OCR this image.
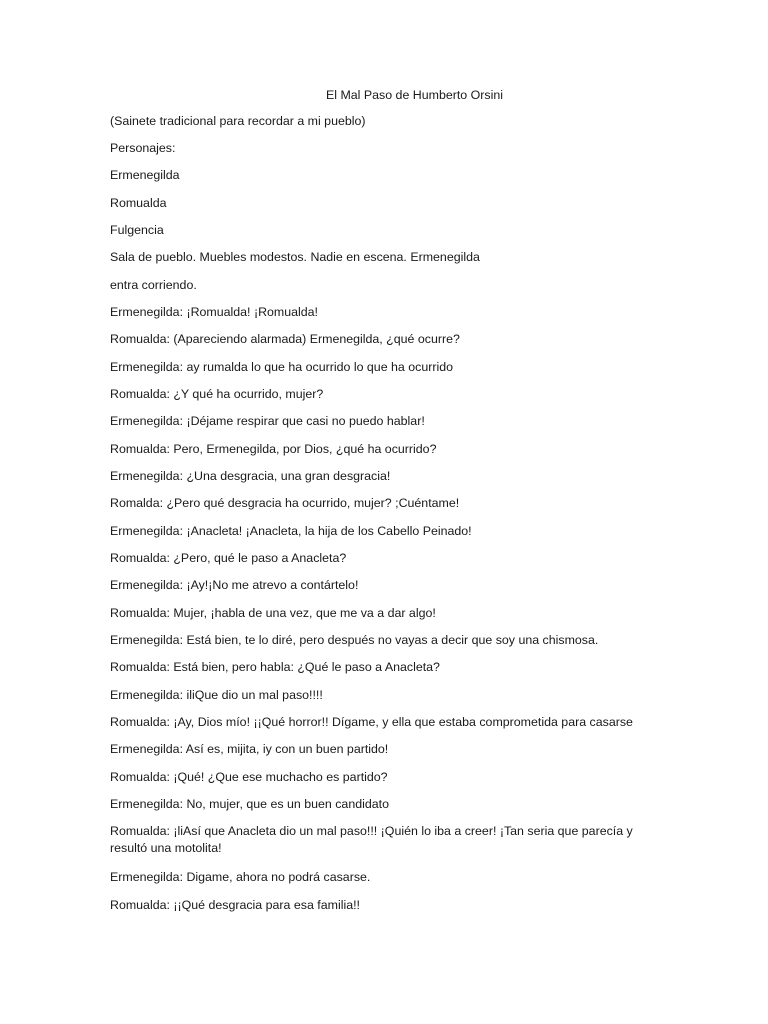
El Mal Paso de Humberto Orsini

(Sainete tradicional para recordar a mi pueblo)

Personajes:

Ermenegilda

Romualda

Fulgencia

Sala de pueblo. Muebles modestos. Nadie en escena. Ermenegilda

entra corriendo.

Ermenegilda: ¡Romualda! ¡Romualda!

Romualda: (Apareciendo alarmada) Ermenegilda, ¿qué ocurre?

Ermenegilda: ay rumalda lo que ha ocurrido lo que ha ocurrido

Romualda: ¿Y qué ha ocurrido, mujer?

Ermenegilda: ¡Déjame respirar que casi no puedo hablar!

Romualda: Pero, Ermenegilda, por Dios, ¿qué ha ocurrido?

Ermenegilda: ¿Una desgracia, una gran desgracia!

Romalda: ¿Pero qué desgracia ha ocurrido, mujer? ;Cuéntame!

Ermenegilda: ¡Anacleta! ¡Anacleta, la hija de los Cabello Peinado!

Romualda: ¿Pero, qué le paso a Anacleta?

Ermenegilda: ¡Ay!¡No me atrevo a contártelo!

Romualda: Mujer, ¡habla de una vez, que me va a dar algo!

Ermenegilda: Está bien, te lo diré, pero después no vayas a decir que soy una chismosa.

Romualda: Está bien, pero habla: ¿Qué le paso a Anacleta?

Ermenegilda: iliQue dio un mal paso!!!!

Romualda: ¡Ay, Dios mío! ¡¡Qué horror!! Dígame, y ella que estaba comprometida para casarse

Ermenegilda: Así es, mijita, iy con un buen partido!

Romualda: ¡Qué! ¿Que ese muchacho es partido?

Ermenegilda: No, mujer, que es un buen candidato

Romualda: ¡liAsí que Anacleta dio un mal paso!!! ¡Quién lo iba a creer! ¡Tan seria que parecía y resultó una motolita!

Ermenegilda: Digame, ahora no podrá casarse.

Romualda: ¡¡Qué desgracia para esa familia!!
